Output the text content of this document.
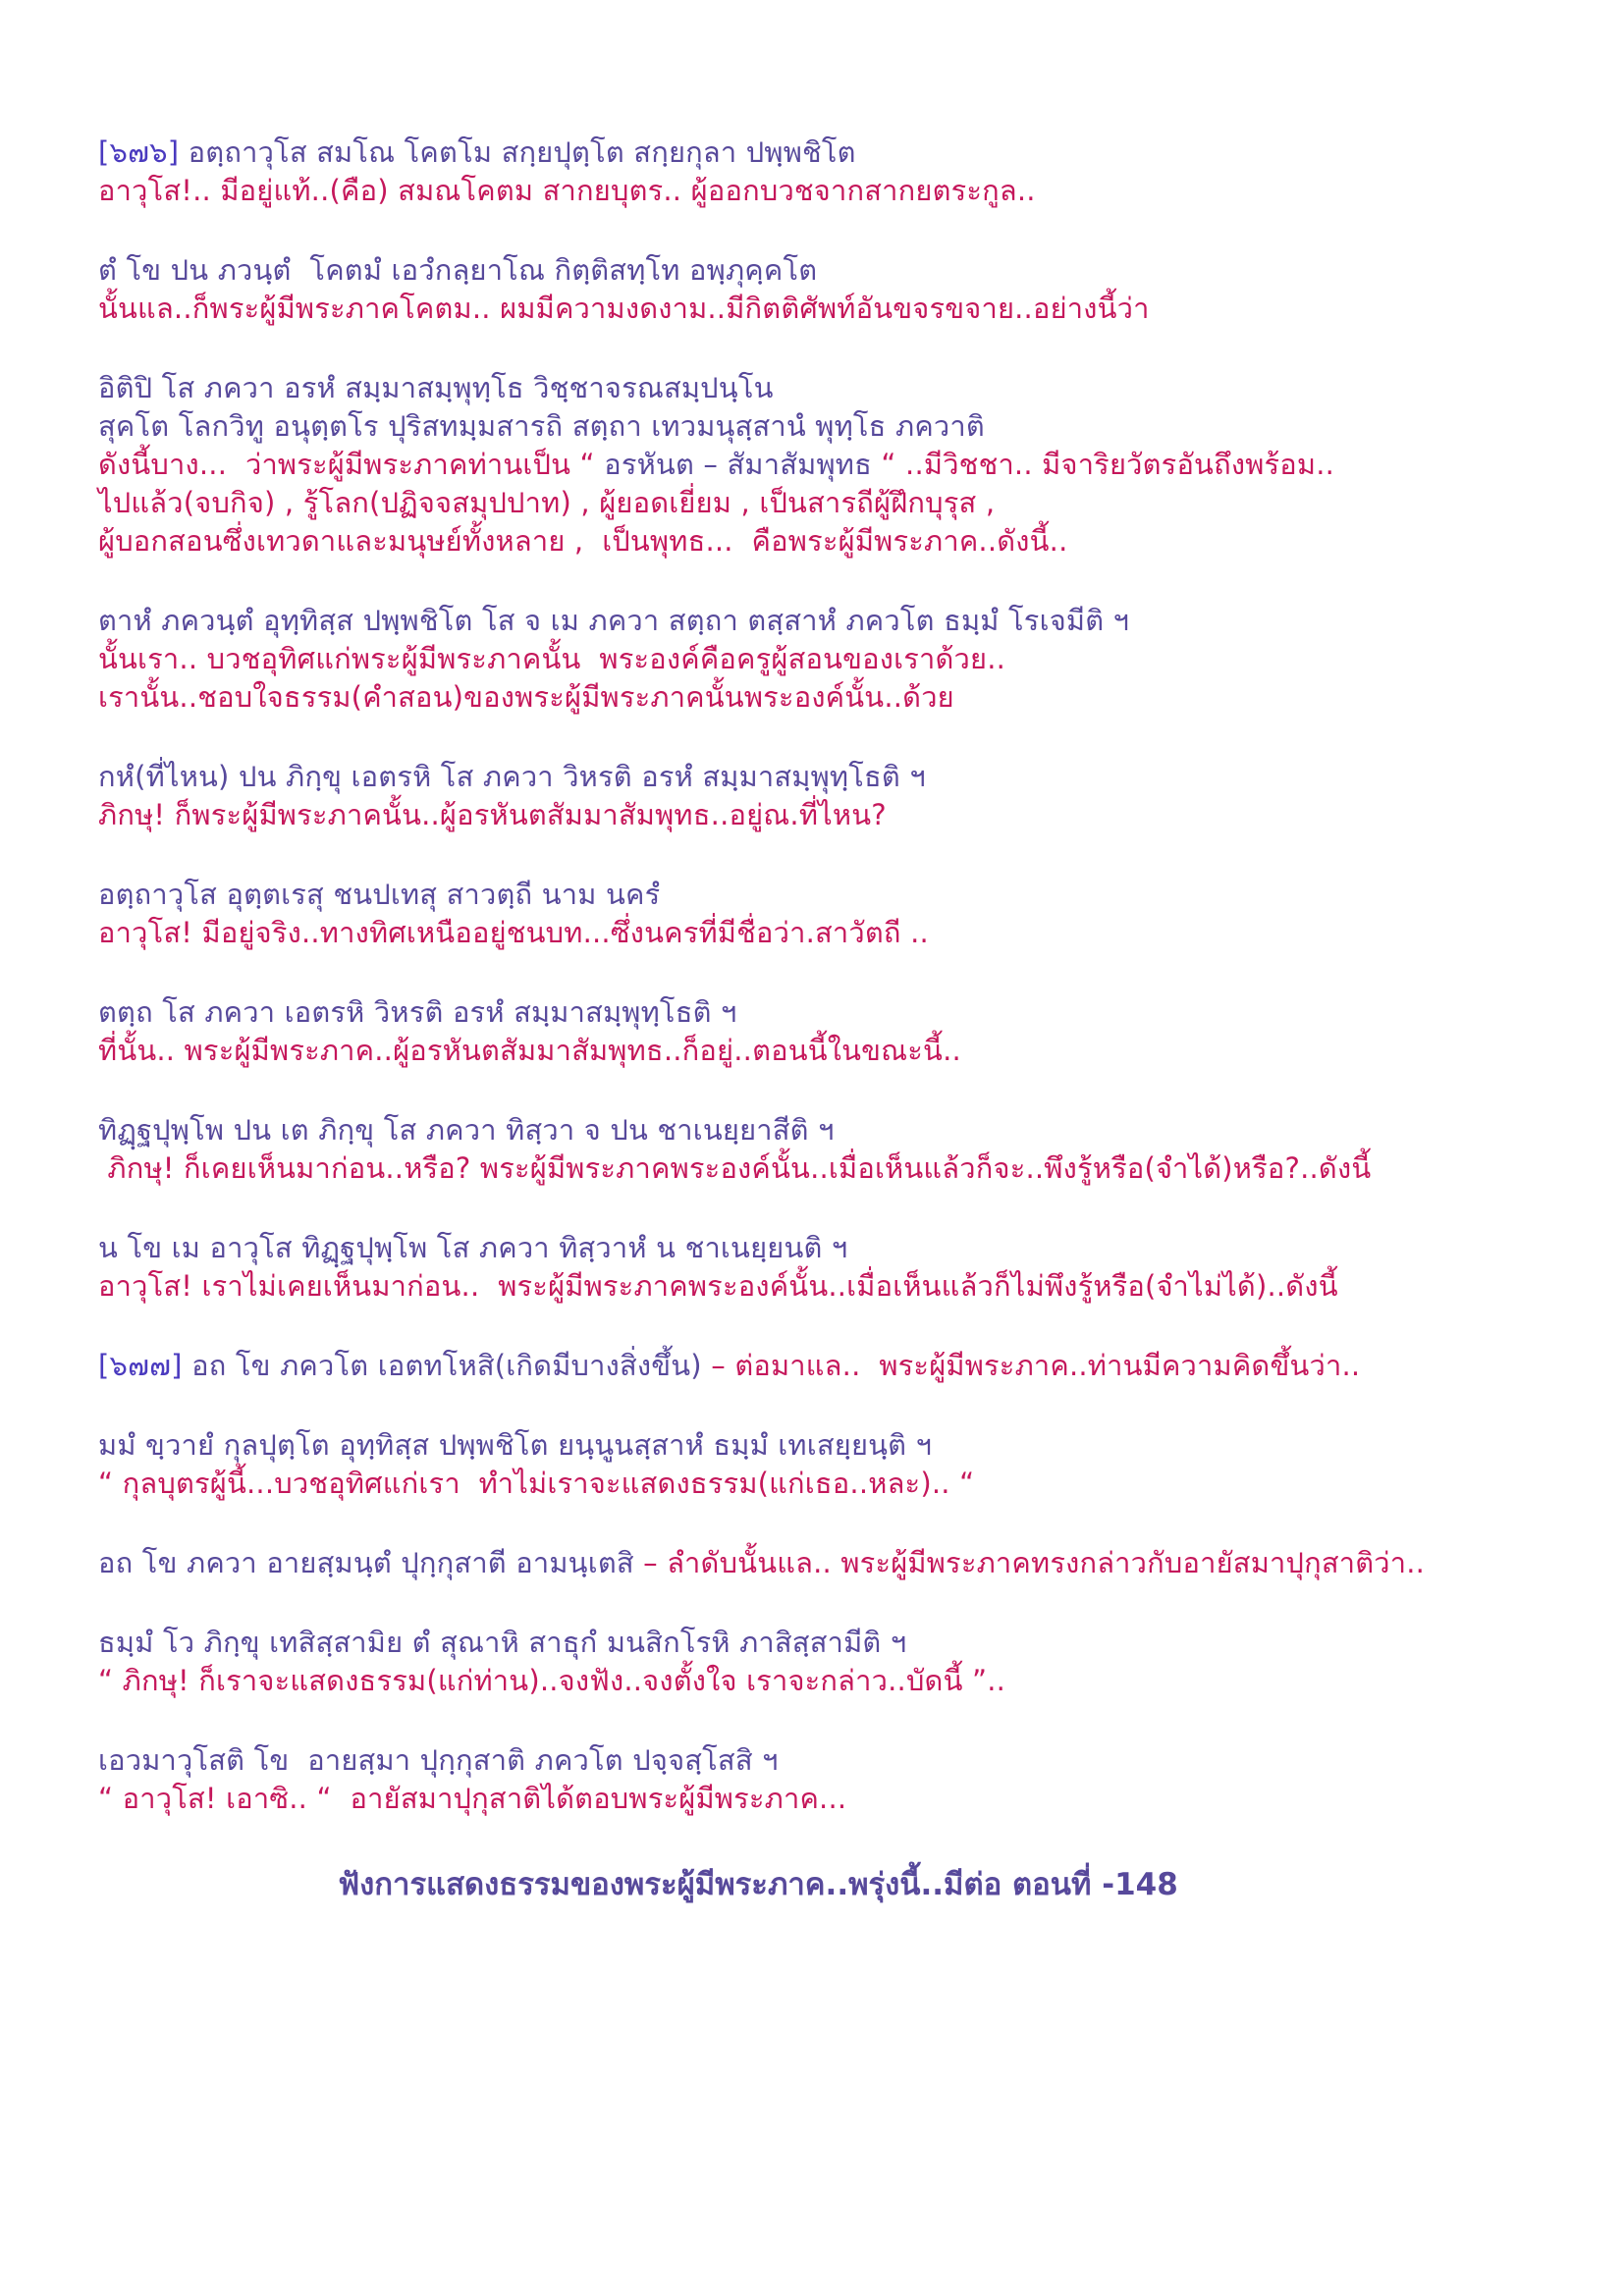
[๖๗๖] อตฺถาวุโส สมโณ โคตโม สกฺยปุตฺโต สกฺยกุลา ปพฺพชิโต
อาวุโส!.. มีอยู่แท้..(คือ) สมณโคตม สากยบุตร.. ผู้ออกบวชจากสากยตระกูล..
ตํ โข ปน ภวนฺตํ  โคตมํ เอวํกลฺยาโณ กิตฺติสทฺโท อพฺภุคฺคโต
นั้นแล..ก็พระผู้มีพระภาคโคตม.. ผมมีความงดงาม..มีกิตติศัพท์อันขจรขจาย..อย่างนี้ว่า
อิติปิ โส ภควา อรหํ สมฺมาสมฺพุทฺโธ วิชฺชาจรณสมฺปนฺโน
สุคโต โลกวิทู อนุตฺตโร ปุริสทมฺมสารถิ สตฺถา เทวมนุสฺสานํ พุทฺโธ ภควาติ
ดังนี้บาง...  ว่าพระผู้มีพระภาคท่านเป็น “ อรหันต – สัมาสัมพุทธ “ ..มีวิชชา.. มีจาริยวัตรอันถึงพร้อม..
ไปแล้ว(จบกิจ) , รู้โลก(ปฏิจจสมุปปาท) , ผู้ยอดเยี่ยม , เป็นสารถีผู้ฝึกบุรุส ,
ผู้บอกสอนซึ่งเทวดาและมนุษย์ทั้งหลาย ,  เป็นพุทธ...  คือพระผู้มีพระภาค..ดังนี้..
ตาหํ ภควนฺตํ อุทฺทิสฺส ปพฺพชิโต โส จ เม ภควา สตฺถา ตสฺสาหํ ภควโต ธมฺมํ โรเจมีติ ฯ
นั้นเรา.. บวชอุทิศแก่พระผู้มีพระภาคนั้น  พระองค์คือครูผู้สอนของเราด้วย..
เรานั้น..ชอบใจธรรม(คำสอน)ของพระผู้มีพระภาคนั้นพระองค์นั้น..ด้วย
กหํ(ที่ไหน) ปน ภิกฺขุ เอตรหิ โส ภควา วิหรติ อรหํ สมฺมาสมฺพุทฺโธติ ฯ
ภิกษุ! ก็พระผู้มีพระภาคนั้น..ผู้อรหันตสัมมาสัมพุทธ..อยู่ณ.ที่ไหน?
อตฺถาวุโส อุตฺตเรสุ ชนปเทสุ สาวตฺถี นาม นครํ
อาวุโส! มีอยู่จริง..ทางทิศเหนืออยู่ชนบท...ซึ่งนครที่มีชื่อว่า.สาวัตถี ..
ตตฺถ โส ภควา เอตรหิ วิหรติ อรหํ สมฺมาสมฺพุทฺโธติ ฯ
ที่นั้น.. พระผู้มีพระภาค..ผู้อรหันตสัมมาสัมพุทธ..ก็อยู่..ตอนนี้ในขณะนี้..
ทิฏฺฐปุพฺโพ ปน เต ภิกฺขุ โส ภควา ทิสฺวา จ ปน ชาเนยฺยาสีติ ฯ
ภิกษุ! ก็เคยเห็นมาก่อน..หรือ? พระผู้มีพระภาคพระองค์นั้น..เมื่อเห็นแล้วก็จะ..พึงรู้หรือ(จำได้)หรือ?..ดังนี้
น โข เม อาวุโส ทิฏฺฐปุพฺโพ โส ภควา ทิสฺวาหํ น ชาเนยฺยนติ ฯ
อาวุโส! เราไม่เคยเห็นมาก่อน..  พระผู้มีพระภาคพระองค์นั้น..เมื่อเห็นแล้วก็ไม่พึงรู้หรือ(จำไม่ได้)..ดังนี้
[๖๗๗] อถ โข ภควโต เอตทโหสิ(เกิดมีบางสิ่งขึ้น) – ต่อมาแล..  พระผู้มีพระภาค..ท่านมีความคิดขึ้นว่า..
มมํ ขฺวายํ กุลปุตฺโต อุทฺทิสฺส ปพฺพชิโต ยนฺนูนสฺสาหํ ธมฺมํ เทเสยฺยนฺติ ฯ
“ กุลบุตรผู้นี้...บวชอุทิศแก่เรา  ทำไม่เราจะแสดงธรรม(แก่เธอ..หละ).. “
อถ โข ภควา อายสฺมนฺตํ ปุกฺกุสาตี อามนฺเตสิ – ลำดับนั้นแล.. พระผู้มีพระภาคทรงกล่าวกับอายัสมาปุกุสาติว่า..
ธมฺมํ โว ภิกฺขุ เทสิสฺสามิย ตํ สุณาหิ สาธุกํ มนสิกโรหิ ภาสิสฺสามีติ ฯ
“ ภิกษุ! ก็เราจะแสดงธรรม(แก่ท่าน)..จงฟัง..จงตั้งใจ เราจะกล่าว..บัดนี้ ”..
เอวมาวุโสติ โข  อายสฺมา ปุกฺกุสาติ ภควโต ปจฺจสฺโสสิ ฯ
“ อาวุโส! เอาซิ.. “  อายัสมาปุกุสาติได้ตอบพระผู้มีพระภาค...
ฟังการแสดงธรรมของพระผู้มีพระภาค..พรุ่งนี้..มีต่อ ตอนที่ -148
